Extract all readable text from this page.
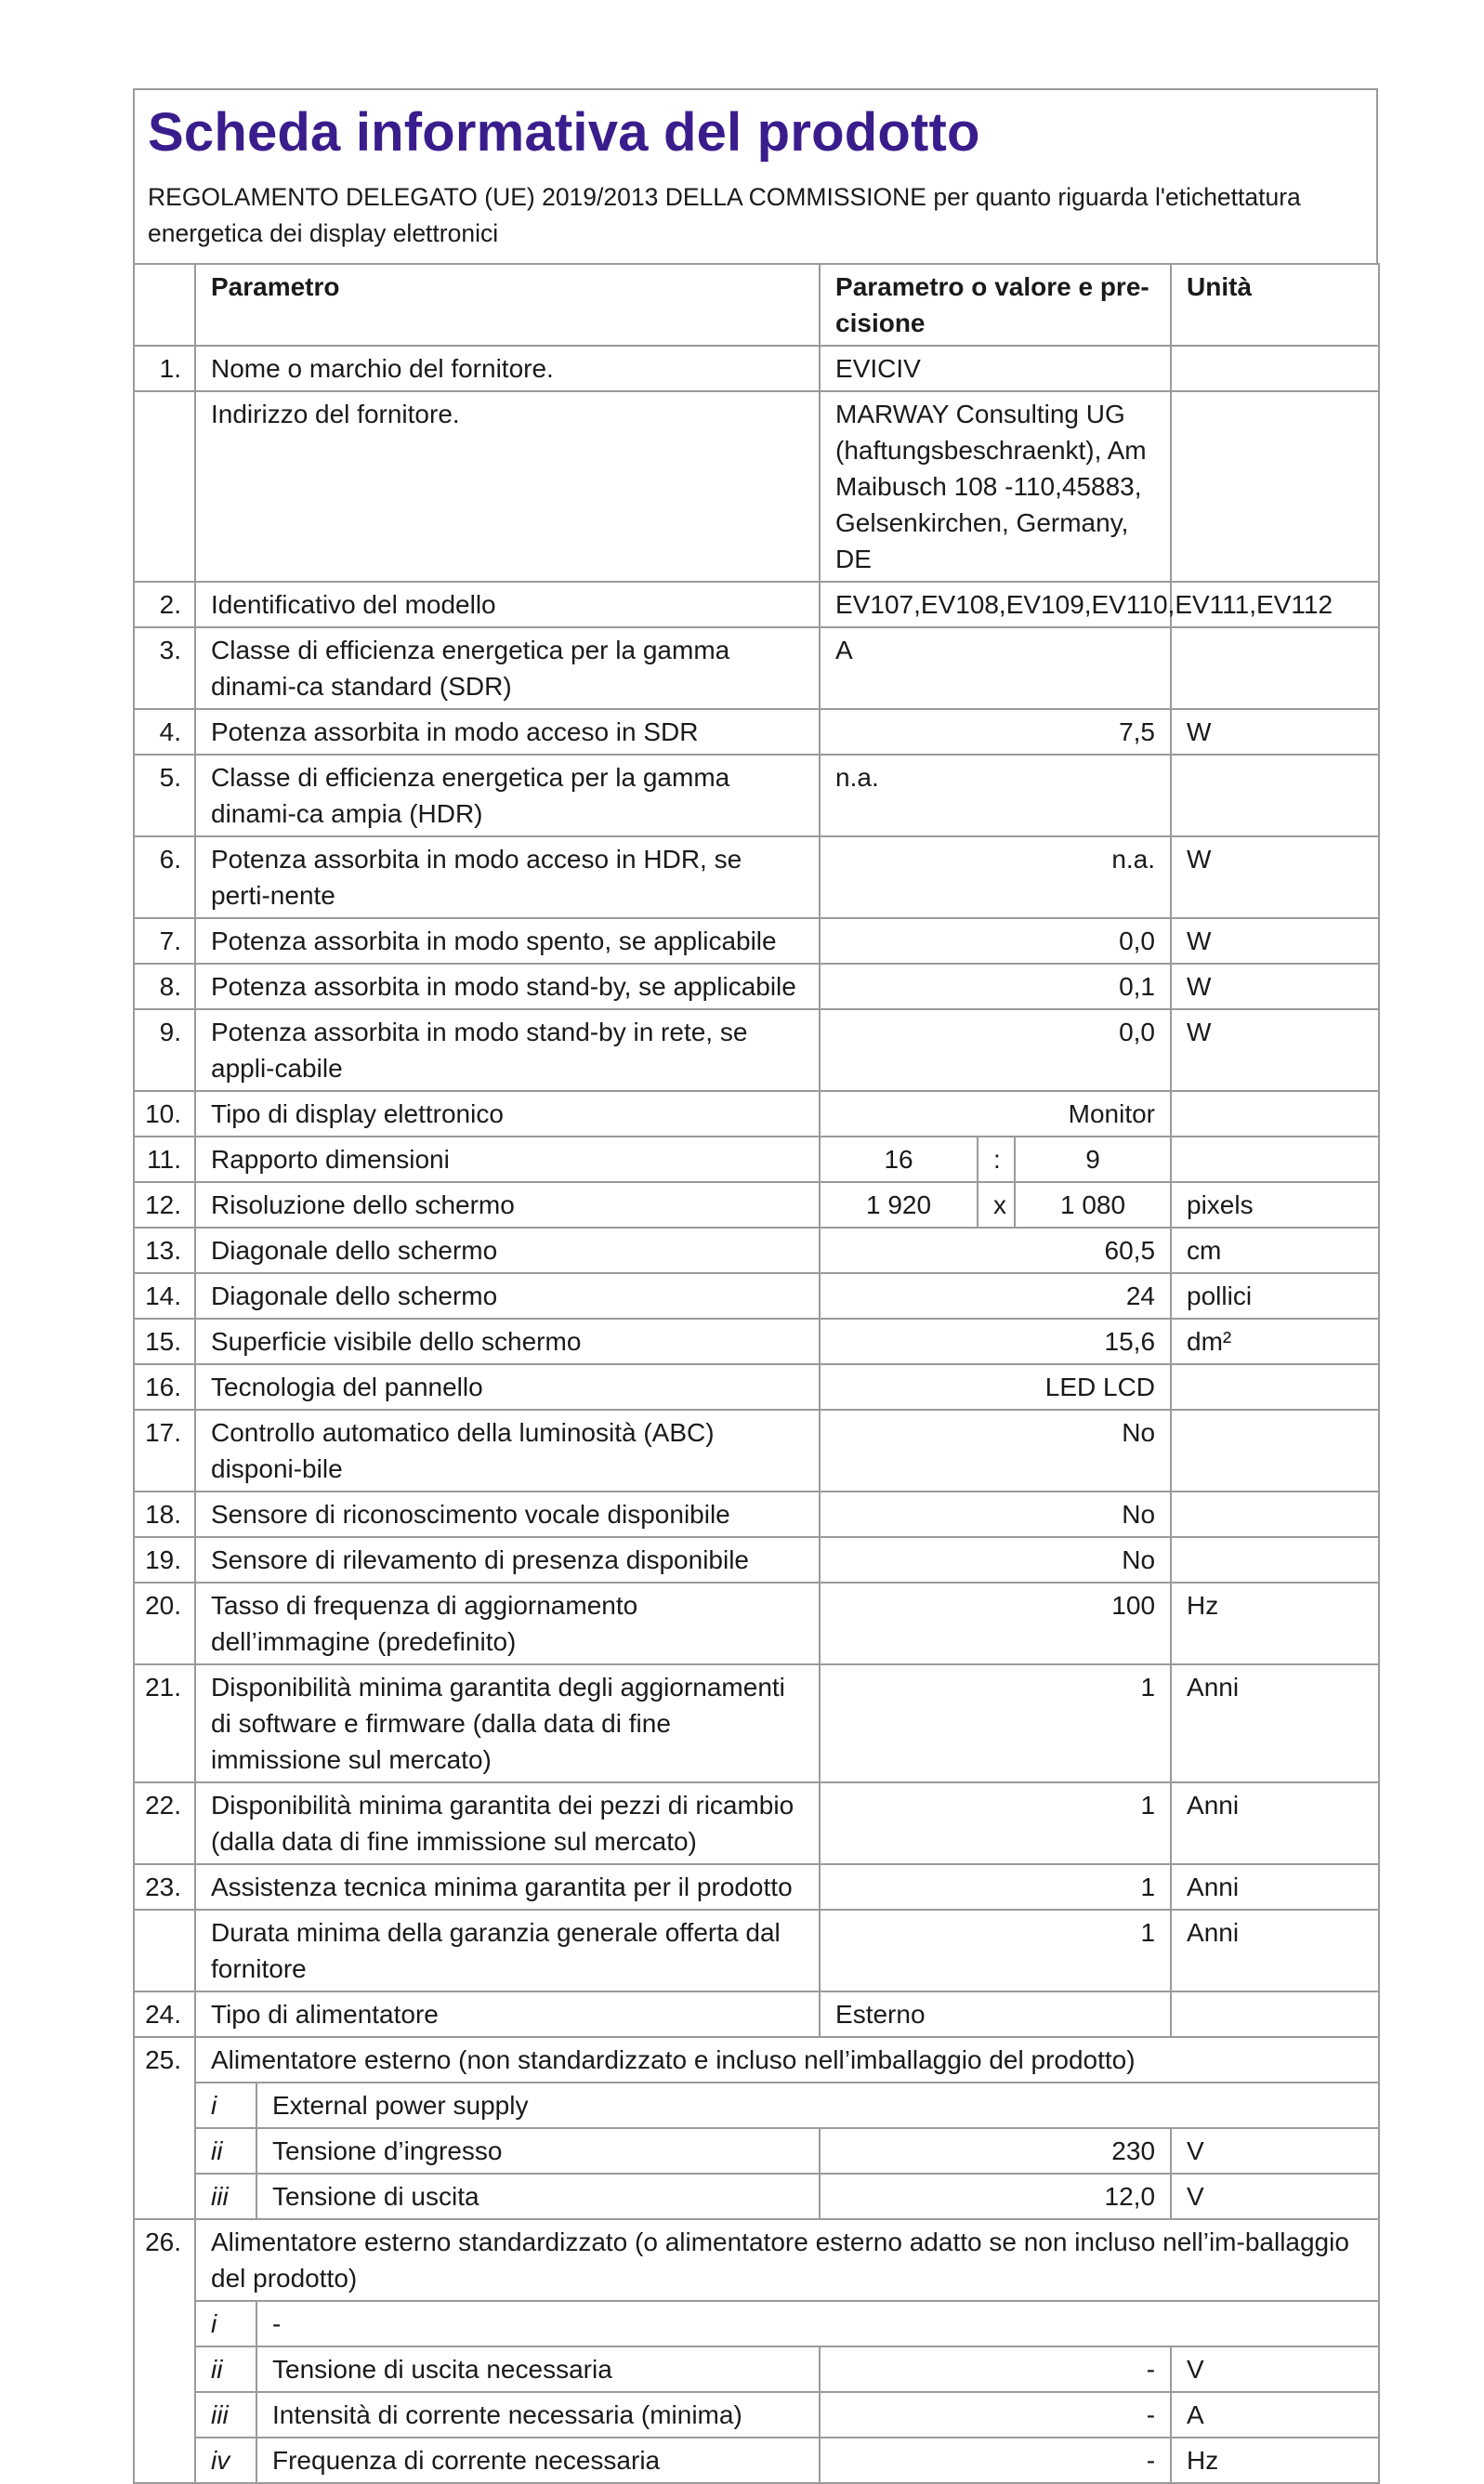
Scheda informativa del prodotto
REGOLAMENTO DELEGATO (UE) 2019/2013 DELLA COMMISSIONE per quanto riguarda l'etichettatura energetica dei display elettronici
	Parametro		Parametro o valore e pre-cisione			Unità
1.	Nome o marchio del fornitore.		EVICIV			
	Indirizzo del fornitore.		MARWAY Consulting UG (haftungsbeschraenkt), Am Maibusch 108 -110,45883, Gelsenkirchen, Germany, DE			
2.	Identificativo del modello		EV107,EV108,EV109,EV110,EV111,EV112			
3.	Classe di efficienza energetica per la gamma dinami-ca standard (SDR)		A			
4.	Potenza assorbita in modo acceso in SDR		7,5			W
5.	Classe di efficienza energetica per la gamma dinami-ca ampia (HDR)		n.a.			
6.	Potenza assorbita in modo acceso in HDR, se perti-nente		n.a.			W
7.	Potenza assorbita in modo spento, se applicabile		0,0			W
8.	Potenza assorbita in modo stand-by, se applicabile		0,1			W
9.	Potenza assorbita in modo stand-by in rete, se appli-cabile		0,0			W
10.	Tipo di display elettronico		Monitor			
11.	Rapporto dimensioni		16	:	9	
12.	Risoluzione dello schermo		1 920	x	1 080	pixels
13.	Diagonale dello schermo		60,5			cm
14.	Diagonale dello schermo		24			pollici
15.	Superficie visibile dello schermo		15,6			dm²
16.	Tecnologia del pannello		LED LCD			
17.	Controllo automatico della luminosità (ABC) disponi-bile		No			
18.	Sensore di riconoscimento vocale disponibile		No			
19.	Sensore di rilevamento di presenza disponibile		No			
20.	Tasso di frequenza di aggiornamento dell’immagine (predefinito)		100			Hz
21.	Disponibilità minima garantita degli aggiornamenti di software e firmware (dalla data di fine immissione sul mercato)		1			Anni
22.	Disponibilità minima garantita dei pezzi di ricambio (dalla data di fine immissione sul mercato)		1			Anni
23.	Assistenza tecnica minima garantita per il prodotto		1			Anni
	Durata minima della garanzia generale offerta dal fornitore		1			Anni
24.	Tipo di alimentatore		Esterno			
25.	Alimentatore esterno (non standardizzato e incluso nell’imballaggio del prodotto)					
	i	External power supply				
	ii	Tensione d’ingresso	230			V
	iii	Tensione di uscita	12,0			V
26.	Alimentatore esterno standardizzato (o alimentatore esterno adatto se non incluso nell’im-ballaggio del prodotto)					
	i	-				
	ii	Tensione di uscita necessaria	-			V
	iii	Intensità di corrente necessaria (minima)	-			A
	iv	Frequenza di corrente necessaria	-			Hz
